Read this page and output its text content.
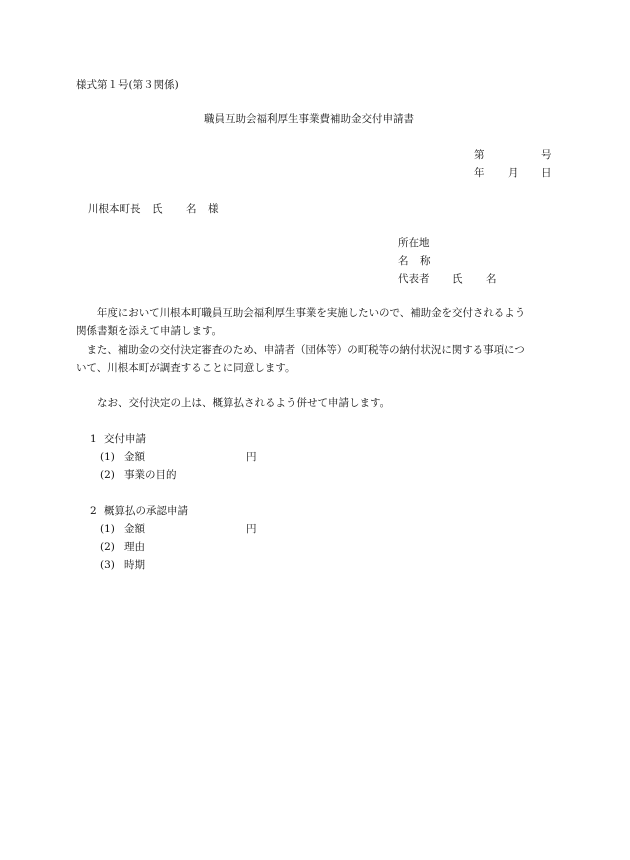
様式第１号(第３関係)
職員互助会福利厚生事業費補助金交付申請書
第	号
年 月 日
川根本町長 氏 名 様
所在地
名 称
代表者 氏 名
　　年度において川根本町職員互助会福利厚生事業を実施したいので、補助金を交付されるよう
関係書類を添えて申請します。
　また、補助金の交付決定審査のため、申請者（団体等）の町税等の納付状況に関する事項につ
いて、川根本町が調査することに同意します。
　　なお、交付決定の上は、概算払されるよう併せて申請します。
1 交付申請
(1) 金額	円
(2) 事業の目的
2 概算払の承認申請
(1) 金額	円
(2) 理由
(3) 時期
